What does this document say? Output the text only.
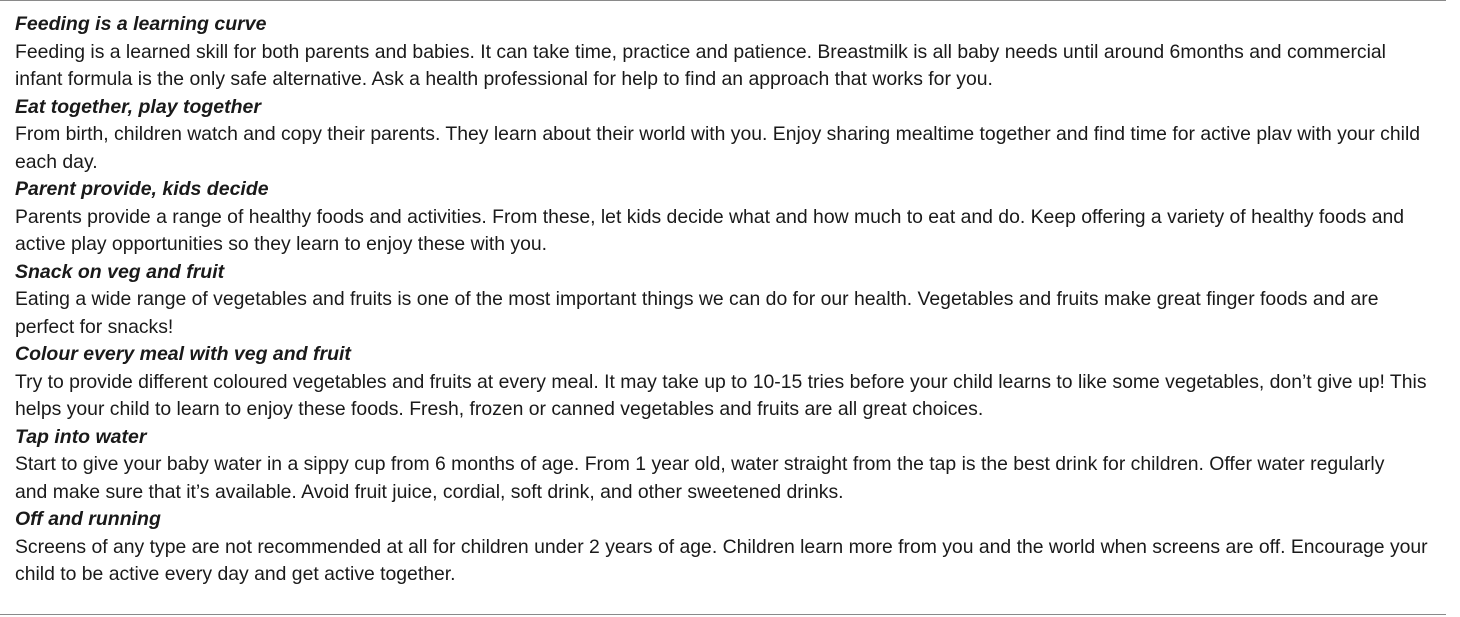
Feeding is a learning curve
Feeding is a learned skill for both parents and babies. It can take time, practice and patience. Breastmilk is all baby needs until around 6months and commercial
infant formula is the only safe alternative. Ask a health professional for help to find an approach that works for you.
Eat together, play together
From birth, children watch and copy their parents. They learn about their world with you. Enjoy sharing mealtime together and find time for active plav with your child
each day.
Parent provide, kids decide
Parents provide a range of healthy foods and activities. From these, let kids decide what and how much to eat and do. Keep offering a variety of healthy foods and
active play opportunities so they learn to enjoy these with you.
Snack on veg and fruit
Eating a wide range of vegetables and fruits is one of the most important things we can do for our health. Vegetables and fruits make great finger foods and are
perfect for snacks!
Colour every meal with veg and fruit
Try to provide different coloured vegetables and fruits at every meal. It may take up to 10-15 tries before your child learns to like some vegetables, don’t give up! This
helps your child to learn to enjoy these foods. Fresh, frozen or canned vegetables and fruits are all great choices.
Tap into water
Start to give your baby water in a sippy cup from 6 months of age. From 1 year old, water straight from the tap is the best drink for children. Offer water regularly
and make sure that it’s available. Avoid fruit juice, cordial, soft drink, and other sweetened drinks.
Off and running
Screens of any type are not recommended at all for children under 2 years of age. Children learn more from you and the world when screens are off. Encourage your
child to be active every day and get active together.
